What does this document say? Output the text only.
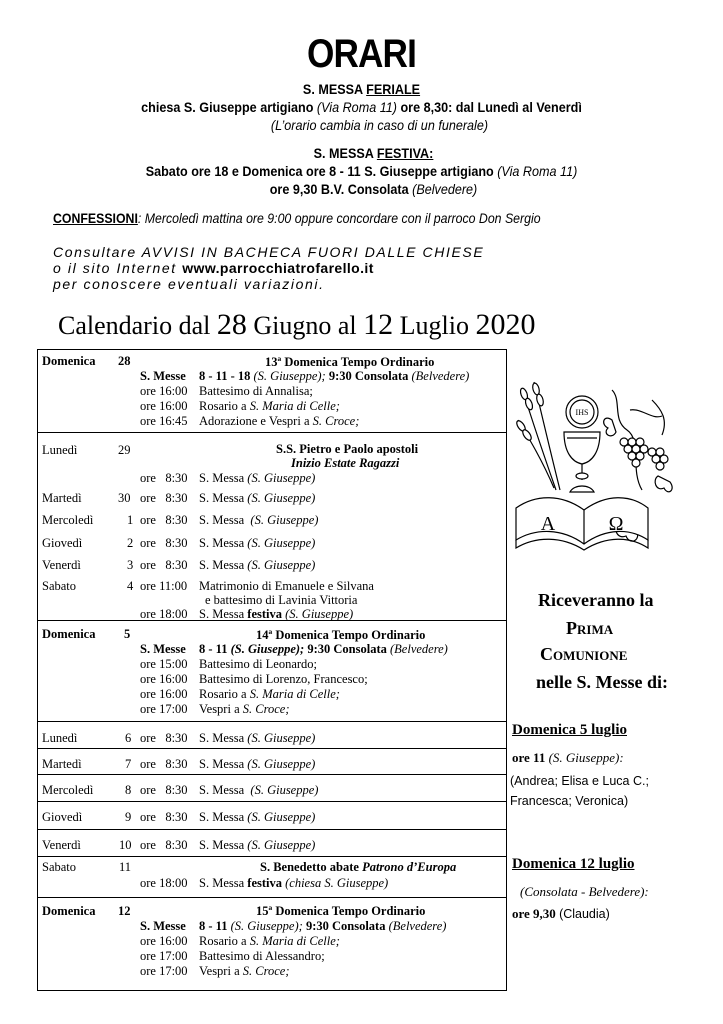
ORARI
S. MESSA FERIALE
chiesa S. Giuseppe artigiano (Via Roma 11) ore 8,30: dal Lunedì al Venerdì
(L’orario cambia in caso di un funerale)
S. MESSA FESTIVA:
Sabato ore 18 e Domenica ore 8 - 11 S. Giuseppe artigiano (Via Roma 11)
ore 9,30 B.V. Consolata (Belvedere)
CONFESSIONI: Mercoledì mattina ore 9:00 oppure concordare con il parroco Don Sergio
Consultare AVVISI IN BACHECA FUORI DALLE CHIESE
o il sito Internet www.parrocchiatrofarello.it
per conoscere eventuali variazioni.
Calendario dal 28 Giugno al 12 Luglio 2020
Domenica 28	13ª Domenica Tempo Ordinario
S. Messe 8 - 11 - 18 (S. Giuseppe); 9:30 Consolata (Belvedere)
ore 16:00 Battesimo di Annalisa;
ore 16:00 Rosario a S. Maria di Celle;
ore 16:45 Adorazione e Vespri a S. Croce;
Lunedì	29	S.S. Pietro e Paolo apostoli
Inizio Estate Ragazzi
ore   8:30 S. Messa (S. Giuseppe)
Martedì	30 ore   8:30 S. Messa (S. Giuseppe)
Mercoledì	1 ore   8:30 S. Messa  (S. Giuseppe)
Giovedì	2 ore   8:30 S. Messa (S. Giuseppe)
Venerdì	3 ore   8:30 S. Messa (S. Giuseppe)
Sabato	4 ore 11:00 Matrimonio di Emanuele e Silvana
e battesimo di Lavinia Vittoria
ore 18:00 S. Messa festiva (S. Giuseppe)
Domenica 5	14ª Domenica Tempo Ordinario
S. Messe 8 - 11 (S. Giuseppe); 9:30 Consolata (Belvedere)
ore 15:00 Battesimo di Leonardo;
ore 16:00 Battesimo di Lorenzo, Francesco;
ore 16:00 Rosario a S. Maria di Celle;
ore 17:00 Vespri a S. Croce;
Lunedì	6 ore   8:30 S. Messa (S. Giuseppe)
Martedì	7 ore   8:30 S. Messa (S. Giuseppe)
Mercoledì	8 ore   8:30 S. Messa  (S. Giuseppe)
Giovedì	9 ore   8:30 S. Messa (S. Giuseppe)
Venerdì	10 ore   8:30 S. Messa (S. Giuseppe)
Sabato	11	S. Benedetto abate Patrono d’Europa
ore 18:00 S. Messa festiva (chiesa S. Giuseppe)
Domenica 12	15ª Domenica Tempo Ordinario
S. Messe 8 - 11 (S. Giuseppe); 9:30 Consolata (Belvedere)
ore 16:00 Rosario a S. Maria di Celle;
ore 17:00 Battesimo di Alessandro;
ore 17:00 Vespri a S. Croce;
IHS
A	Ω
Riceveranno la
Prima
Comunione
nelle S. Messe di:
Domenica 5 luglio
ore 11 (S. Giuseppe):
(Andrea; Elisa e Luca C.;
Francesca; Veronica)
Domenica 12 luglio
(Consolata - Belvedere):
ore 9,30 (Claudia)
